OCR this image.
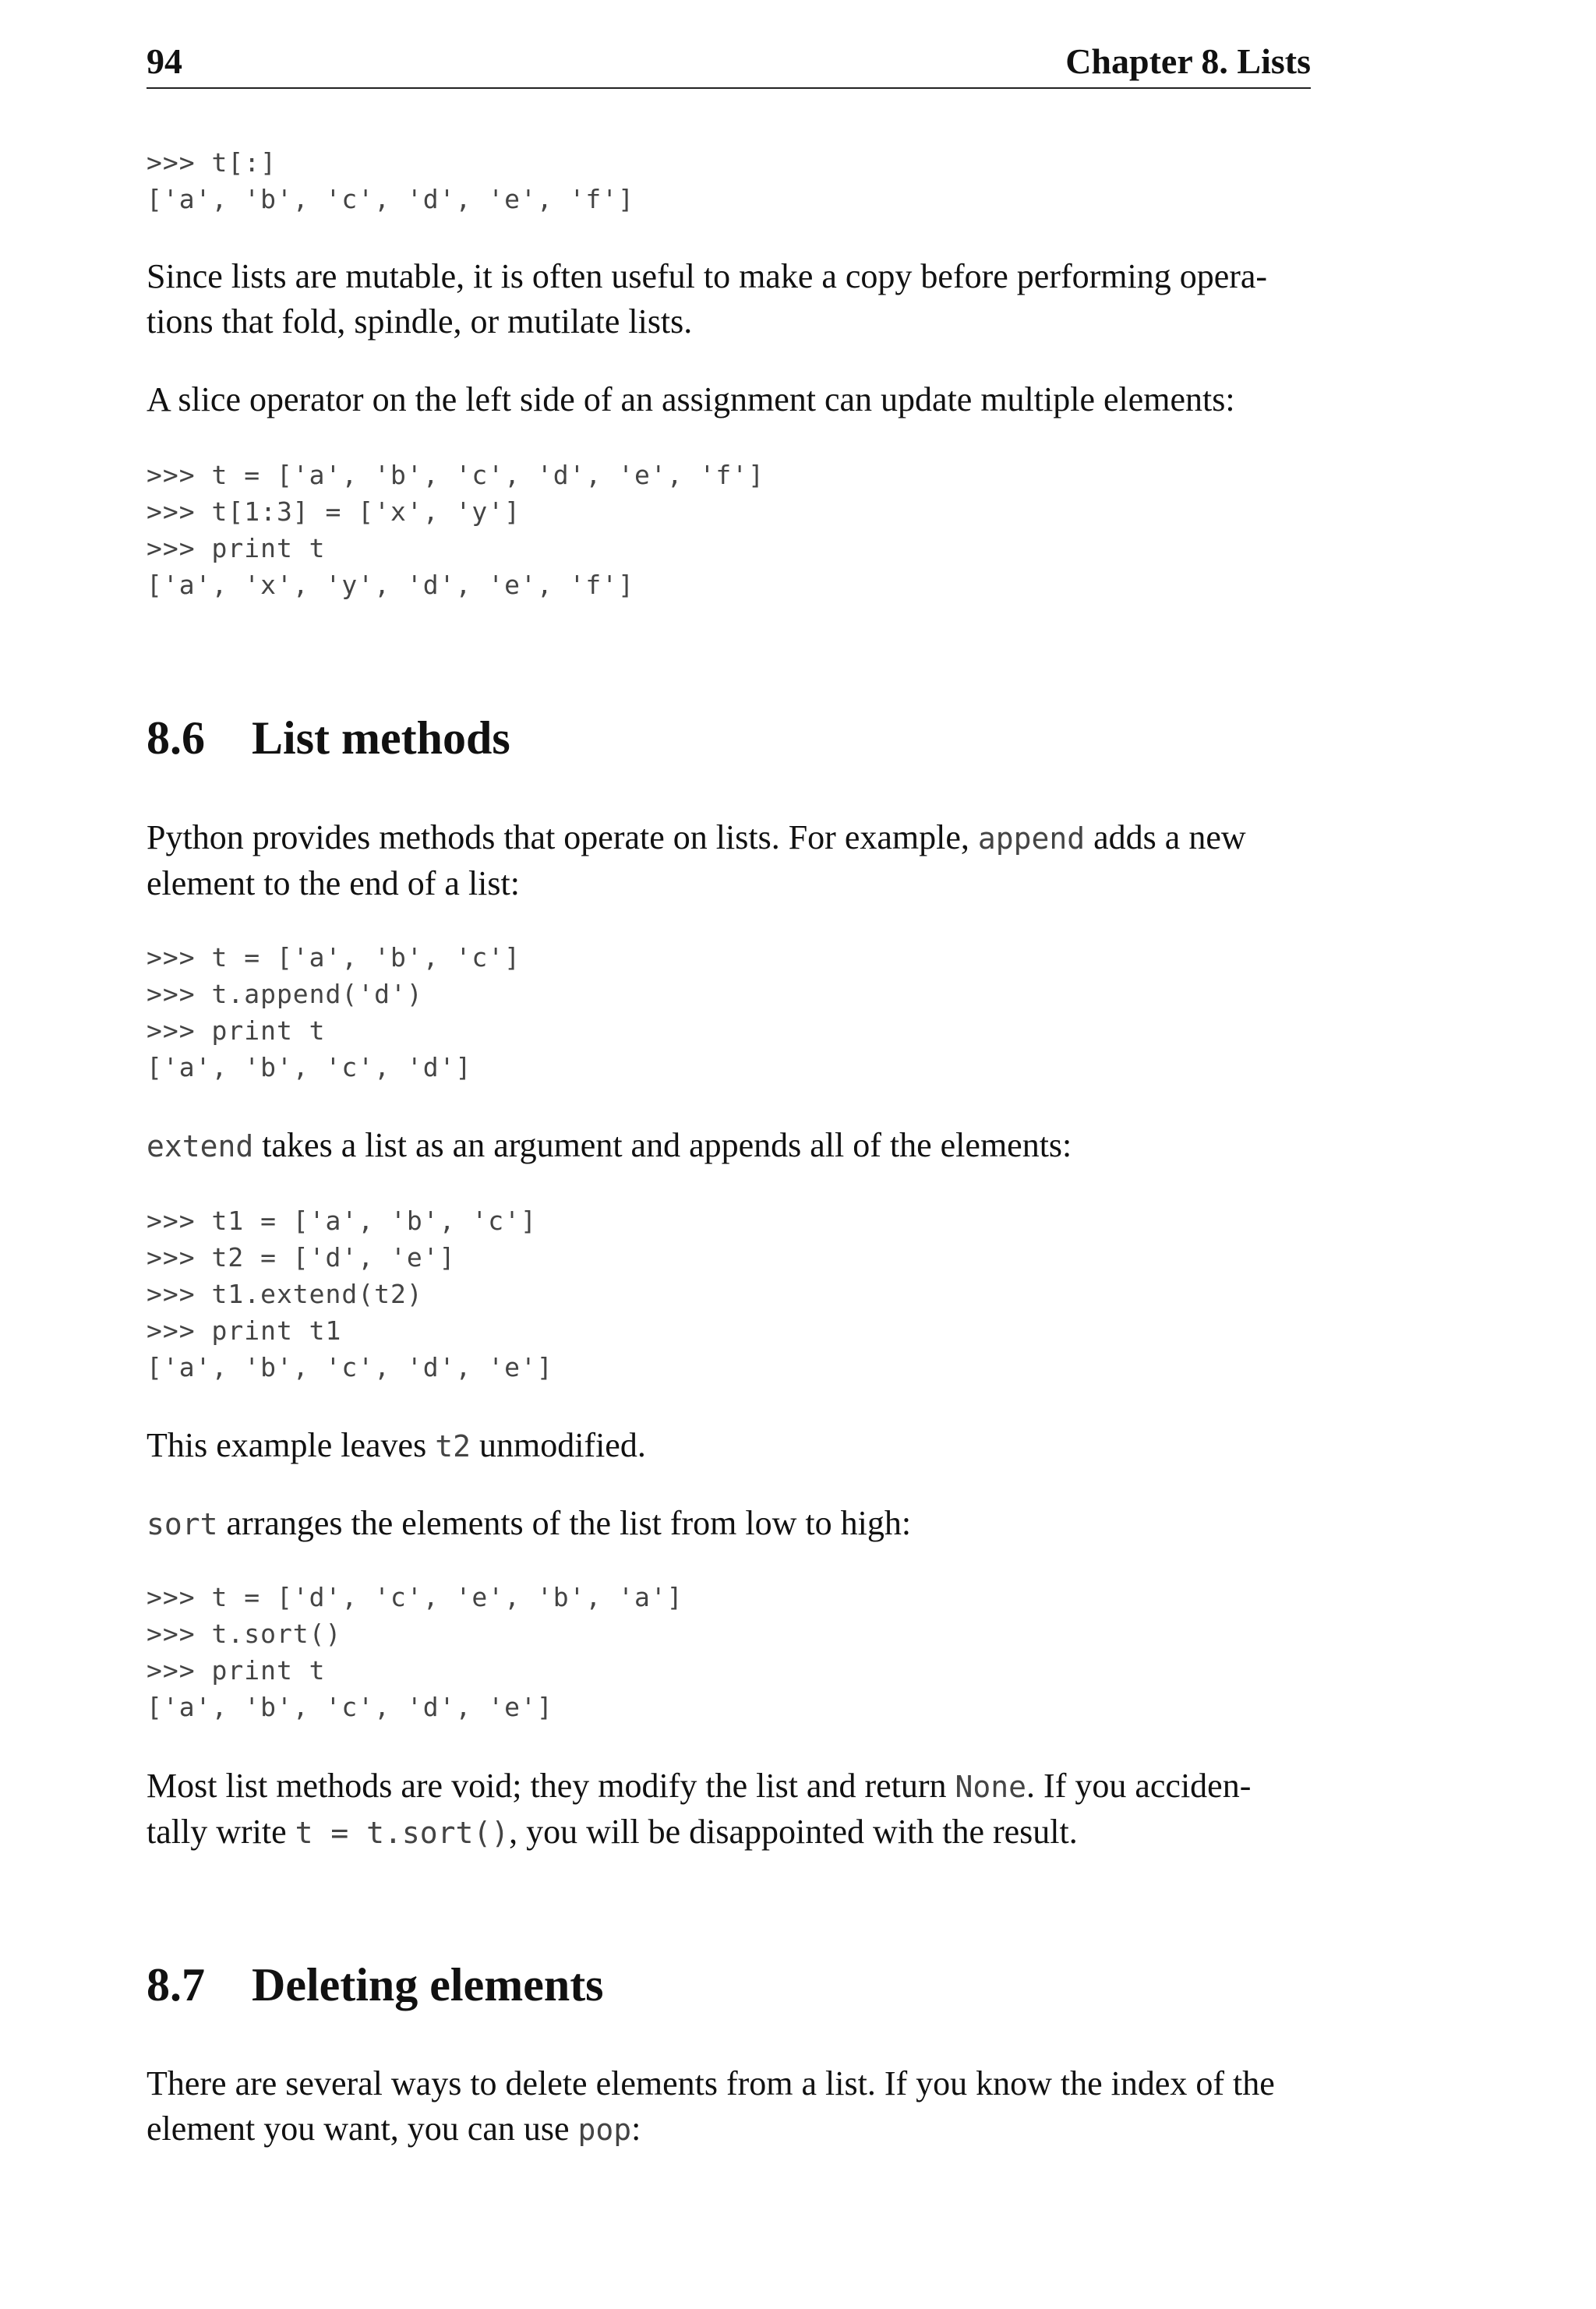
94	Chapter 8. Lists
>>> t[:]
['a', 'b', 'c', 'd', 'e', 'f']

Since lists are mutable, it is often useful to make a copy before performing opera-
tions that fold, spindle, or mutilate lists.

A slice operator on the left side of an assignment can update multiple elements:

>>> t = ['a', 'b', 'c', 'd', 'e', 'f']
>>> t[1:3] = ['x', 'y']
>>> print t
['a', 'x', 'y', 'd', 'e', 'f']
8.6 List methods

Python provides methods that operate on lists. For example, append adds a new
element to the end of a list:

>>> t = ['a', 'b', 'c']
>>> t.append('d')
>>> print t
['a', 'b', 'c', 'd']

extend takes a list as an argument and appends all of the elements:

>>> t1 = ['a', 'b', 'c']
>>> t2 = ['d', 'e']
>>> t1.extend(t2)
>>> print t1
['a', 'b', 'c', 'd', 'e']

This example leaves t2 unmodified.

sort arranges the elements of the list from low to high:

>>> t = ['d', 'c', 'e', 'b', 'a']
>>> t.sort()
>>> print t
['a', 'b', 'c', 'd', 'e']

Most list methods are void; they modify the list and return None. If you acciden-
tally write t = t.sort(), you will be disappointed with the result.

8.7 Deleting elements

There are several ways to delete elements from a list. If you know the index of the
element you want, you can use pop:
